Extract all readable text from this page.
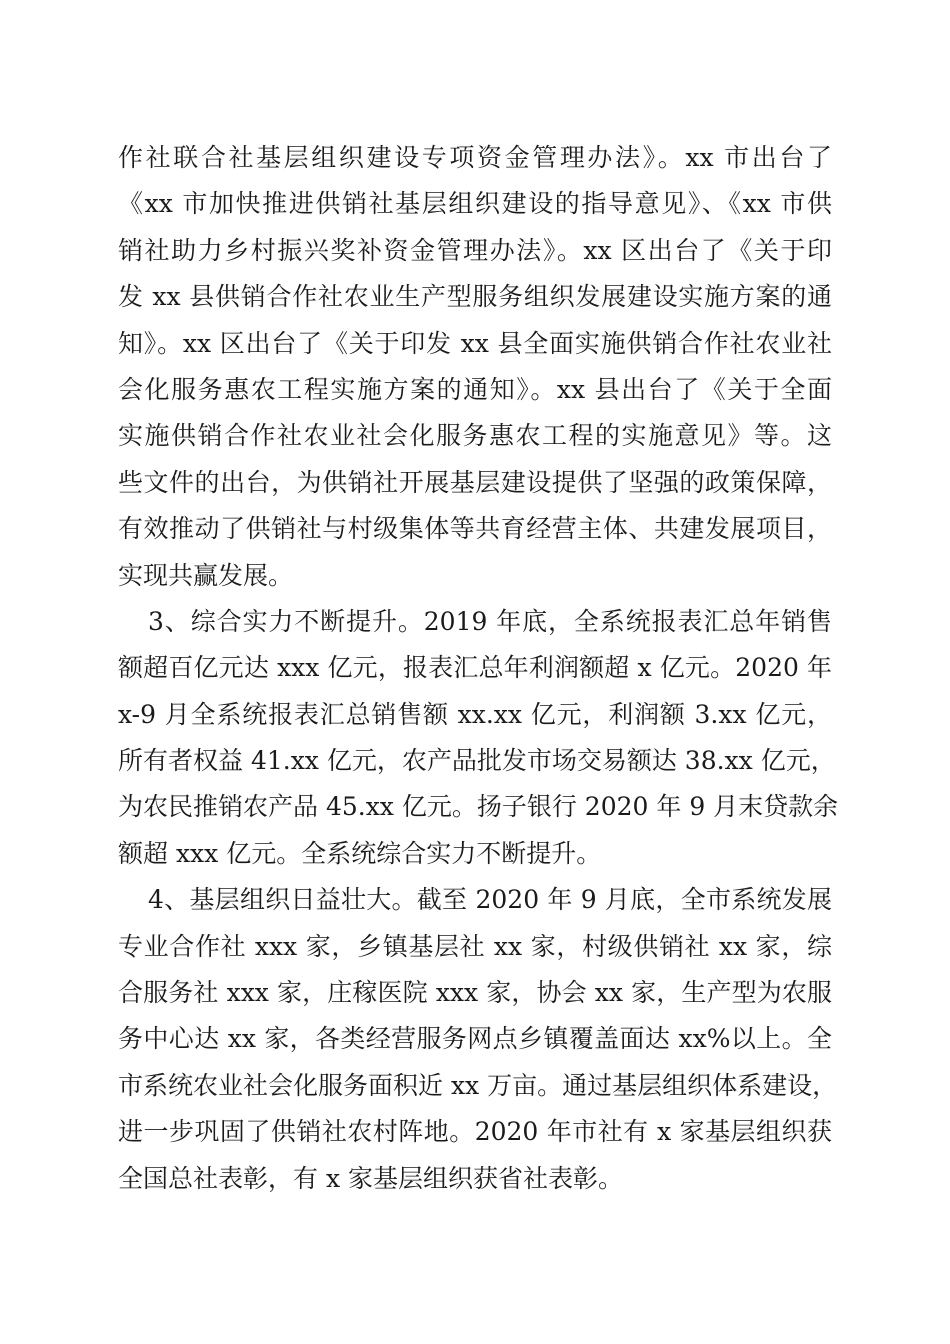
作社联合社基层组织建设专项资金管理办法》。xx 市出台了
《xx 市加快推进供销社基层组织建设的指导意见》、《xx 市供
销社助力乡村振兴奖补资金管理办法》。xx 区出台了《关于印
发 xx 县供销合作社农业生产型服务组织发展建设实施方案的通
知》。xx 区出台了《关于印发 xx 县全面实施供销合作社农业社
会化服务惠农工程实施方案的通知》。xx 县出台了《关于全面
实施供销合作社农业社会化服务惠农工程的实施意见》等。这
些文件的出台，为供销社开展基层建设提供了坚强的政策保障，
有效推动了供销社与村级集体等共育经营主体、共建发展项目，
实现共赢发展。
3、综合实力不断提升。2019 年底，全系统报表汇总年销售
额超百亿元达 xxx 亿元，报表汇总年利润额超 x 亿元。2020 年
x-9 月全系统报表汇总销售额 xx.xx 亿元，利润额 3.xx 亿元，
所有者权益 41.xx 亿元，农产品批发市场交易额达 38.xx 亿元，
为农民推销农产品 45.xx 亿元。扬子银行 2020 年 9 月末贷款余
额超 xxx 亿元。全系统综合实力不断提升。
4、基层组织日益壮大。截至 2020 年 9 月底，全市系统发展
专业合作社 xxx 家，乡镇基层社 xx 家，村级供销社 xx 家，综
合服务社 xxx 家，庄稼医院 xxx 家，协会 xx 家，生产型为农服
务中心达 xx 家，各类经营服务网点乡镇覆盖面达 xx%以上。全
市系统农业社会化服务面积近 xx 万亩。通过基层组织体系建设，
进一步巩固了供销社农村阵地。2020 年市社有 x 家基层组织获
全国总社表彰，有 x 家基层组织获省社表彰。
